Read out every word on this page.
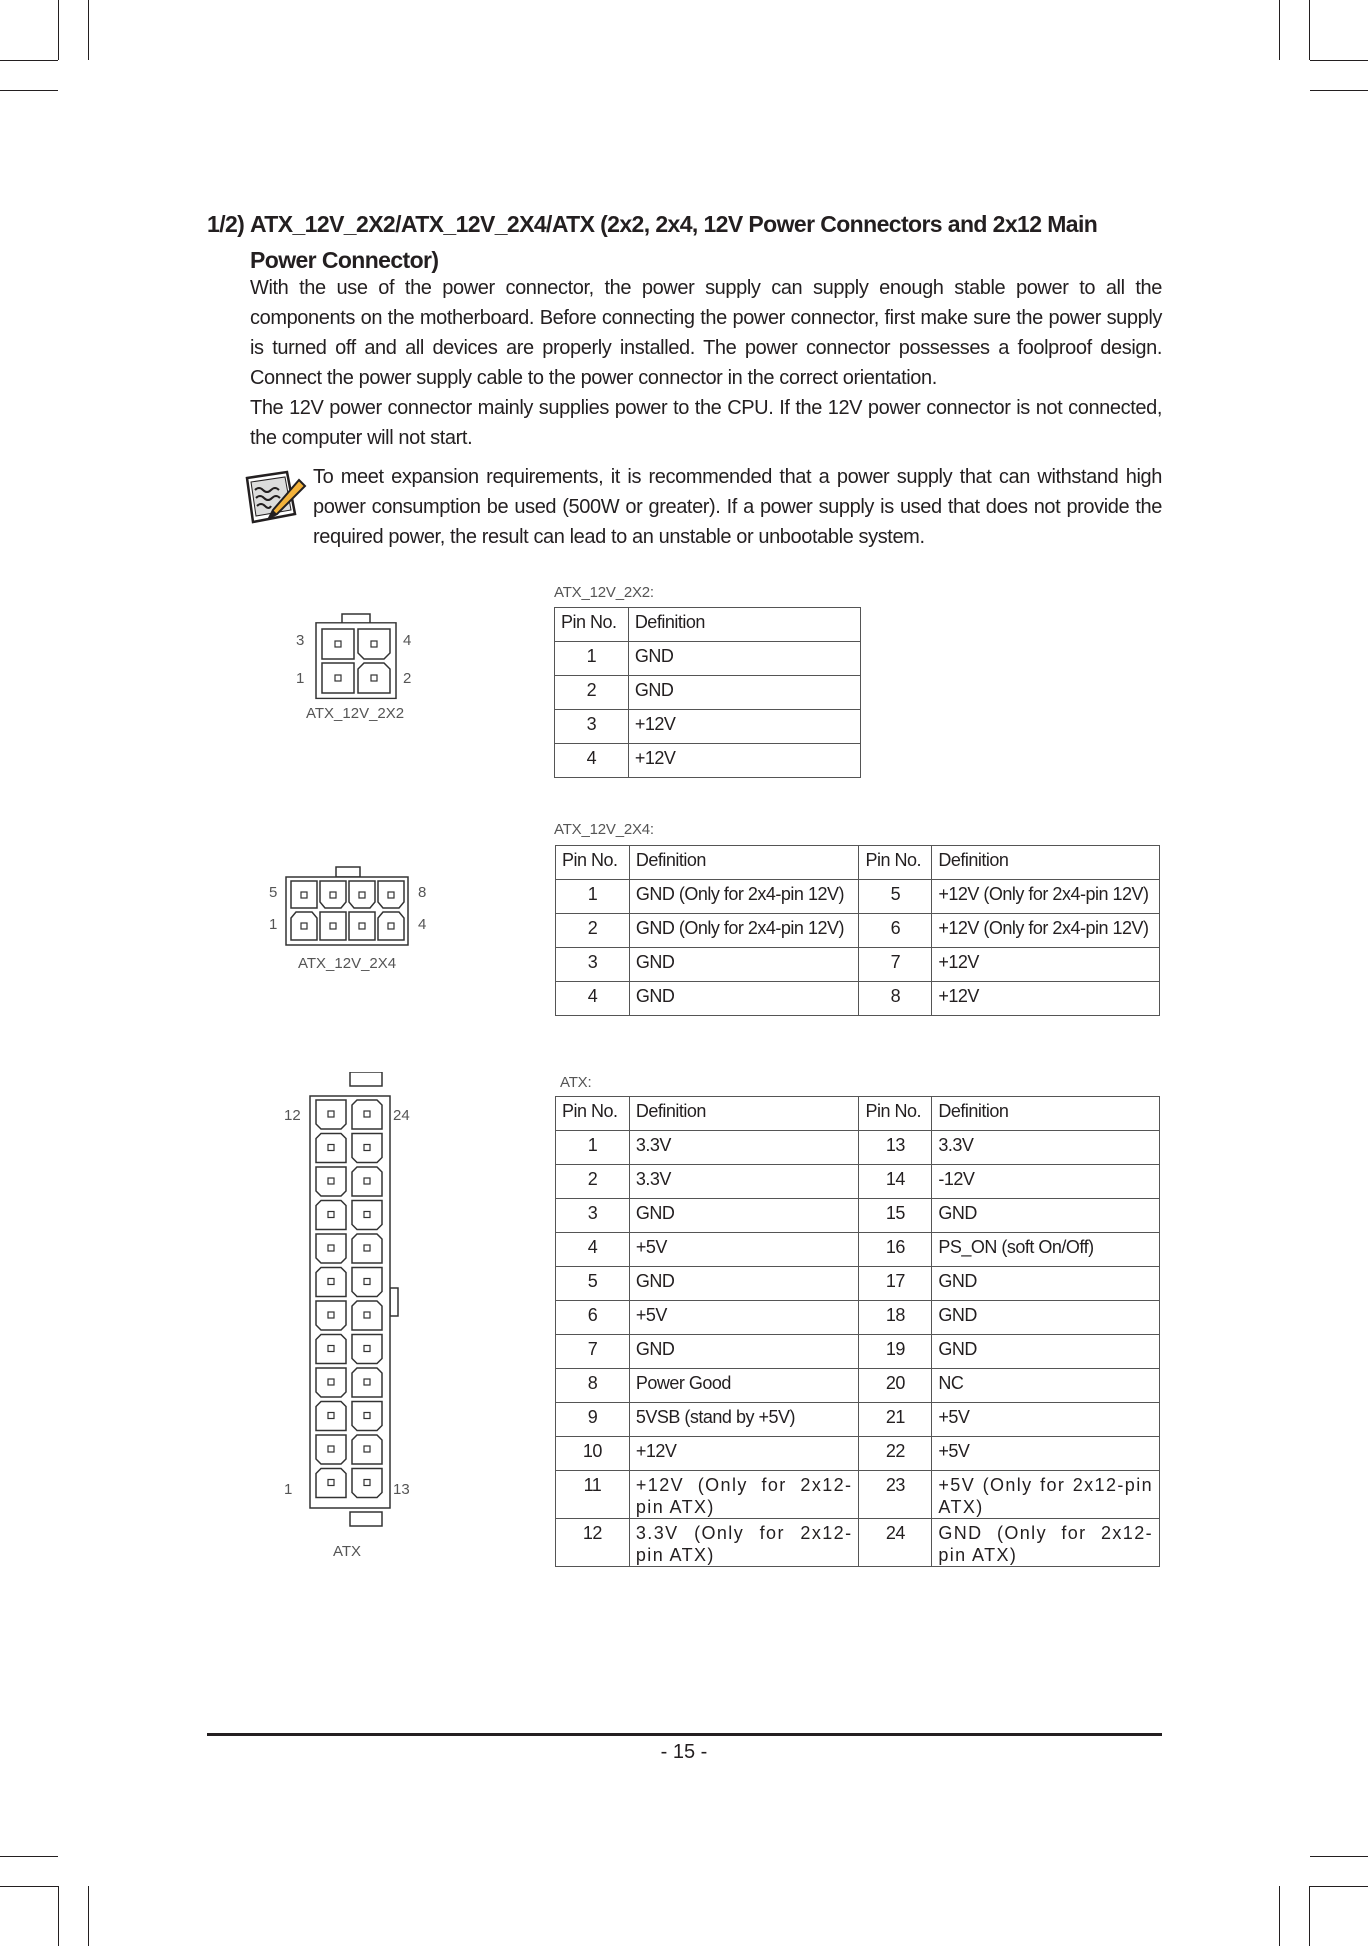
1/2) ATX_12V_2X2/ATX_12V_2X4/ATX (2x2, 2x4, 12V Power Connectors and 2x12 Main Power Connector)
With the use of the power connector, the power supply can supply enough stable power to all the components on the motherboard. Before connecting the power connector, first make sure the power supply is turned off and all devices are properly installed. The power connector possesses a foolproof design. Connect the power supply cable to the power connector in the correct orientation.
The 12V power connector mainly supplies power to the CPU. If the 12V power connector is not connected, the computer will not start.
To meet expansion requirements, it is recommended that a power supply that can withstand high power consumption be used (500W or greater). If a power supply is used that does not provide the required power, the result can lead to an unstable or unbootable system.
3	4
1	2
ATX_12V_2X2
ATX_12V_2X2:
Pin No.	Definition
1	GND
2	GND
3	+12V
4	+12V
5	8
1	4
ATX_12V_2X4
ATX_12V_2X4:
Pin No.	Definition	Pin No.	Definition
1	GND (Only for 2x4-pin 12V)	5	+12V (Only for 2x4-pin 12V)
2	GND (Only for 2x4-pin 12V)	6	+12V (Only for 2x4-pin 12V)
3	GND	7	+12V
4	GND	8	+12V
12	24
1	13
ATX
ATX:
Pin No.	Definition	Pin No.	Definition
1	3.3V	13	3.3V
2	3.3V	14	-12V
3	GND	15	GND
4	+5V	16	PS_ON (soft On/Off)
5	GND	17	GND
6	+5V	18	GND
7	GND	19	GND
8	Power Good	20	NC
9	5VSB (stand by +5V)	21	+5V
10	+12V	22	+5V
11	+12V (Only for 2x12-pin ATX)	23	+5V (Only for 2x12-pin ATX)
12	3.3V (Only for 2x12-pin ATX)	24	GND (Only for 2x12-pin ATX)
- 15 -
